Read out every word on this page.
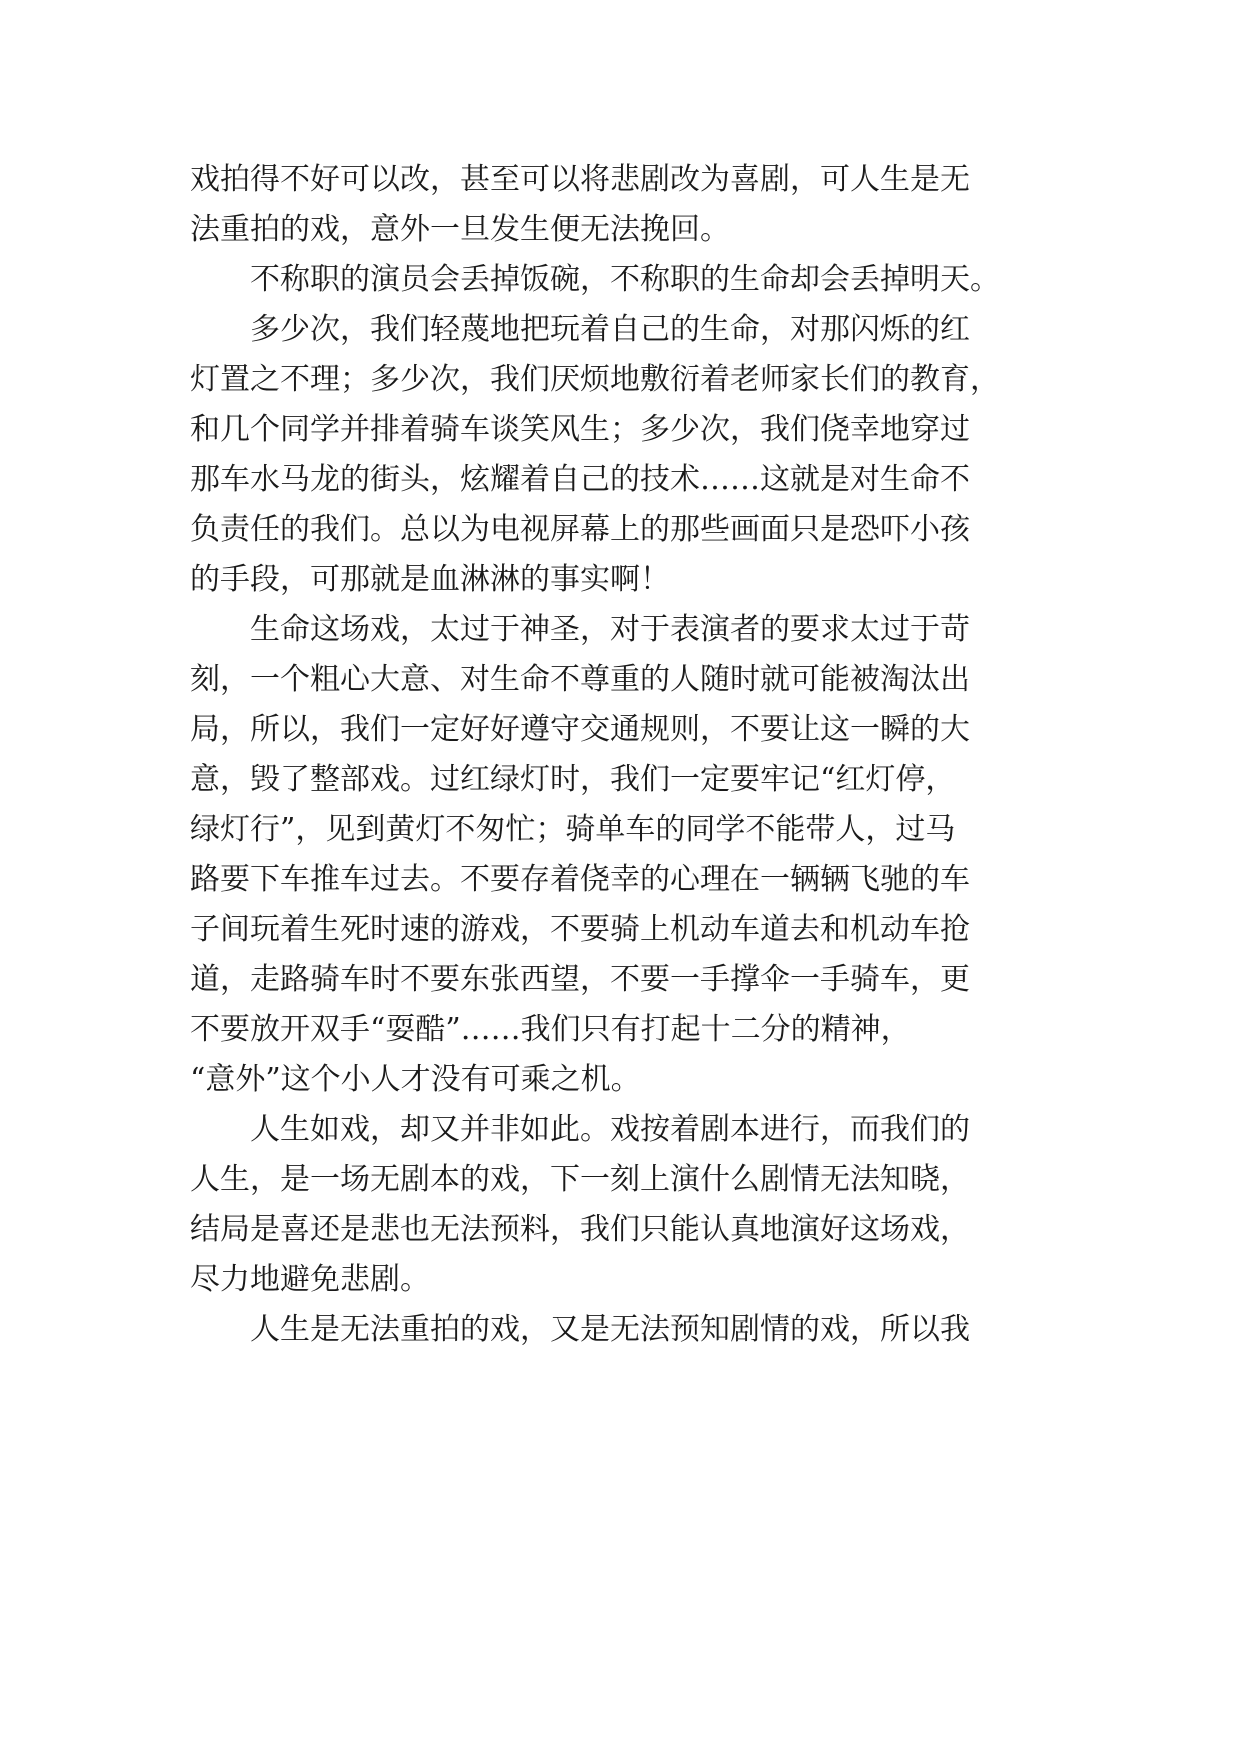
戏拍得不好可以改，甚至可以将悲剧改为喜剧，可人生是无
法重拍的戏，意外一旦发生便无法挽回。
　　不称职的演员会丢掉饭碗，不称职的生命却会丢掉明天。
　　多少次，我们轻蔑地把玩着自己的生命，对那闪烁的红
灯置之不理；多少次，我们厌烦地敷衍着老师家长们的教育，
和几个同学并排着骑车谈笑风生；多少次，我们侥幸地穿过
那车水马龙的街头，炫耀着自己的技术……这就是对生命不
负责任的我们。总以为电视屏幕上的那些画面只是恐吓小孩
的手段，可那就是血淋淋的事实啊！
　　生命这场戏，太过于神圣，对于表演者的要求太过于苛
刻，一个粗心大意、对生命不尊重的人随时就可能被淘汰出
局，所以，我们一定好好遵守交通规则，不要让这一瞬的大
意，毁了整部戏。过红绿灯时，我们一定要牢记“红灯停，
绿灯行”，见到黄灯不匆忙；骑单车的同学不能带人，过马
路要下车推车过去。不要存着侥幸的心理在一辆辆飞驰的车
子间玩着生死时速的游戏，不要骑上机动车道去和机动车抢
道，走路骑车时不要东张西望，不要一手撑伞一手骑车，更
不要放开双手“耍酷”……我们只有打起十二分的精神，
“意外”这个小人才没有可乘之机。
　　人生如戏，却又并非如此。戏按着剧本进行，而我们的
人生，是一场无剧本的戏，下一刻上演什么剧情无法知晓，
结局是喜还是悲也无法预料，我们只能认真地演好这场戏，
尽力地避免悲剧。
　　人生是无法重拍的戏，又是无法预知剧情的戏，所以我
